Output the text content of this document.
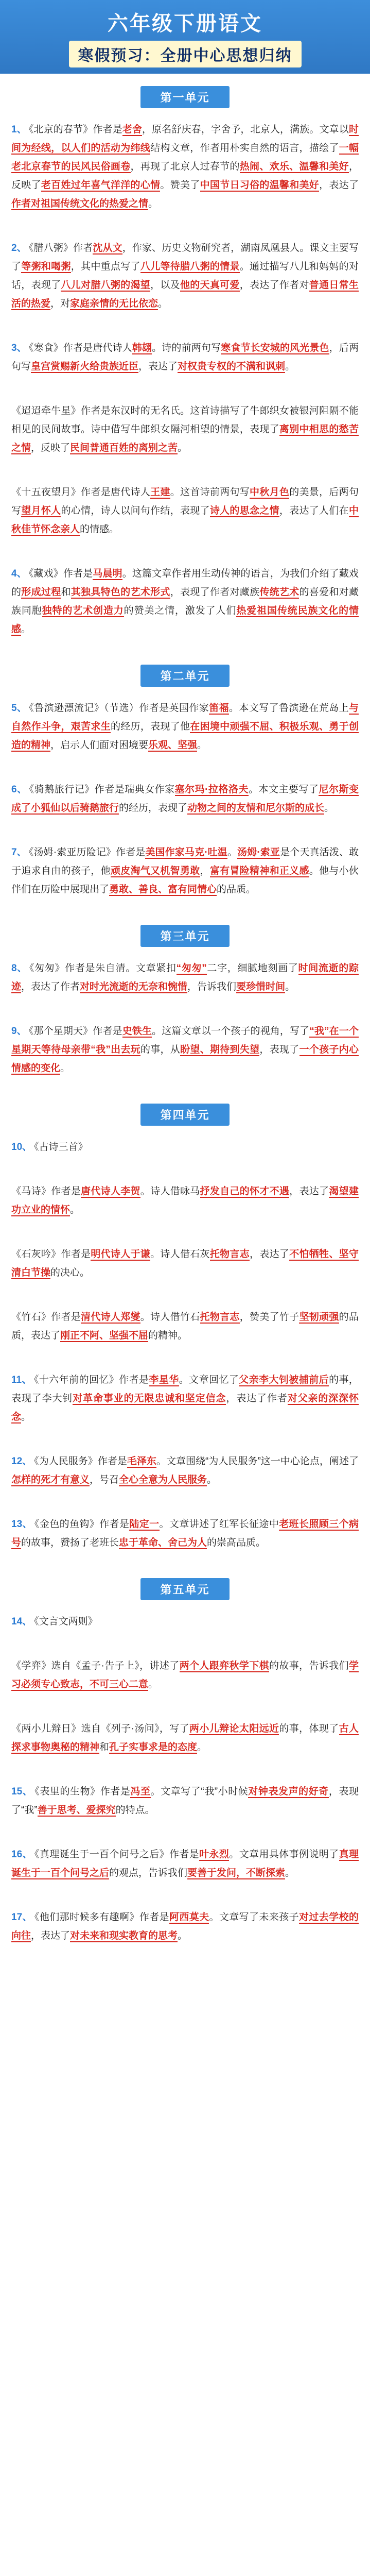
六年级下册语文
寒假预习：全册中心思想归纳
第一单元
1、 《北京的春节》作者是老舍，原名舒庆春，字舍予，北京人，满族。文章以时间为经线，以人们的活动为纬线结构文章，作者用朴实自然的语言，描绘了一幅老北京春节的民风民俗画卷，再现了北京人过春节的热闹、欢乐、温馨和美好，反映了老百姓过年喜气洋洋的心情。赞美了中国节日习俗的温馨和美好，表达了作者对祖国传统文化的热爱之情。
2、 《腊八粥》作者沈从文，作家、历史文物研究者，湖南凤凰县人。课文主要写了等粥和喝粥，其中重点写了八儿等待腊八粥的情景。通过描写八儿和妈妈的对话，表现了八儿对腊八粥的渴望，以及他的天真可爱，表达了作者对普通日常生活的热爱，对家庭亲情的无比依恋。
3、 《寒食》作者是唐代诗人韩翃。诗的前两句写寒食节长安城的风光景色，后两句写皇宫赏赐新火给贵族近臣，表达了对权贵专权的不满和讽刺。
《迢迢牵牛星》作者是东汉时的无名氏。这首诗描写了牛郎织女被银河阻隔不能相见的民间故事。诗中借写牛郎织女隔河相望的情景，表现了离别中相思的愁苦之情，反映了民间普通百姓的离别之苦。
《十五夜望月》作者是唐代诗人王建。这首诗前两句写中秋月色的美景，后两句写望月怀人的心情，诗人以问句作结，表现了诗人的思念之情，表达了人们在中秋佳节怀念亲人的情感。
4、 《藏戏》作者是马晨明。这篇文章作者用生动传神的语言，为我们介绍了藏戏的形成过程和其独具特色的艺术形式，表现了作者对藏族传统艺术的喜爱和对藏族同胞独特的艺术创造力的赞美之情，激发了人们热爱祖国传统民族文化的情感。
第二单元
5、 《鲁滨逊漂流记》（节选）作者是英国作家笛福。本文写了鲁滨逊在荒岛上与自然作斗争，艰苦求生的经历，表现了他在困境中顽强不屈、积极乐观、勇于创造的精神，启示人们面对困境要乐观、坚强。
6、 《骑鹅旅行记》作者是瑞典女作家塞尔玛·拉格洛夫。本文主要写了尼尔斯变成了小狐仙以后骑鹅旅行的经历，表现了动物之间的友情和尼尔斯的成长。
7、 《汤姆·索亚历险记》作者是美国作家马克·吐温。汤姆·索亚是个天真活泼、敢于追求自由的孩子，他顽皮淘气又机智勇敢，富有冒险精神和正义感。他与小伙伴们在历险中展现出了勇敢、善良、富有同情心的品质。
第三单元
8、 《匆匆》作者是朱自清。文章紧扣“匆匆”二字，细腻地刻画了时间流逝的踪迹，表达了作者对时光流逝的无奈和惋惜，告诉我们要珍惜时间。
9、 《那个星期天》作者是史铁生。这篇文章以一个孩子的视角，写了“我”在一个星期天等待母亲带“我”出去玩的事，从盼望、期待到失望，表现了一个孩子内心情感的变化。
第四单元
10、 《古诗三首》
《马诗》作者是唐代诗人李贺。诗人借咏马抒发自己的怀才不遇，表达了渴望建功立业的情怀。
《石灰吟》作者是明代诗人于谦。诗人借石灰托物言志，表达了不怕牺牲、坚守清白节操的决心。
《竹石》作者是清代诗人郑燮。诗人借竹石托物言志，赞美了竹子坚韧顽强的品质，表达了刚正不阿、坚强不屈的精神。
11、 《十六年前的回忆》作者是李星华。文章回忆了父亲李大钊被捕前后的事，表现了李大钊对革命事业的无限忠诚和坚定信念，表达了作者对父亲的深深怀念。
12、 《为人民服务》作者是毛泽东。文章围绕“为人民服务”这一中心论点，阐述了怎样的死才有意义，号召全心全意为人民服务。
13、 《金色的鱼钩》作者是陆定一。文章讲述了红军长征途中老班长照顾三个病号的故事，赞扬了老班长忠于革命、舍己为人的崇高品质。
第五单元
14、 《文言文两则》
《学弈》选自《孟子·告子上》，讲述了两个人跟弈秋学下棋的故事，告诉我们学习必须专心致志，不可三心二意。
《两小儿辩日》选自《列子·汤问》，写了两小儿辩论太阳远近的事，体现了古人探求事物奥秘的精神和孔子实事求是的态度。
15、 《表里的生物》作者是冯至。文章写了“我”小时候对钟表发声的好奇，表现了“我”善于思考、爱探究的特点。
16、 《真理诞生于一百个问号之后》作者是叶永烈。文章用具体事例说明了真理诞生于一百个问号之后的观点，告诉我们要善于发问，不断探索。
17、 《他们那时候多有趣啊》作者是阿西莫夫。文章写了未来孩子对过去学校的向往，表达了对未来和现实教育的思考。
